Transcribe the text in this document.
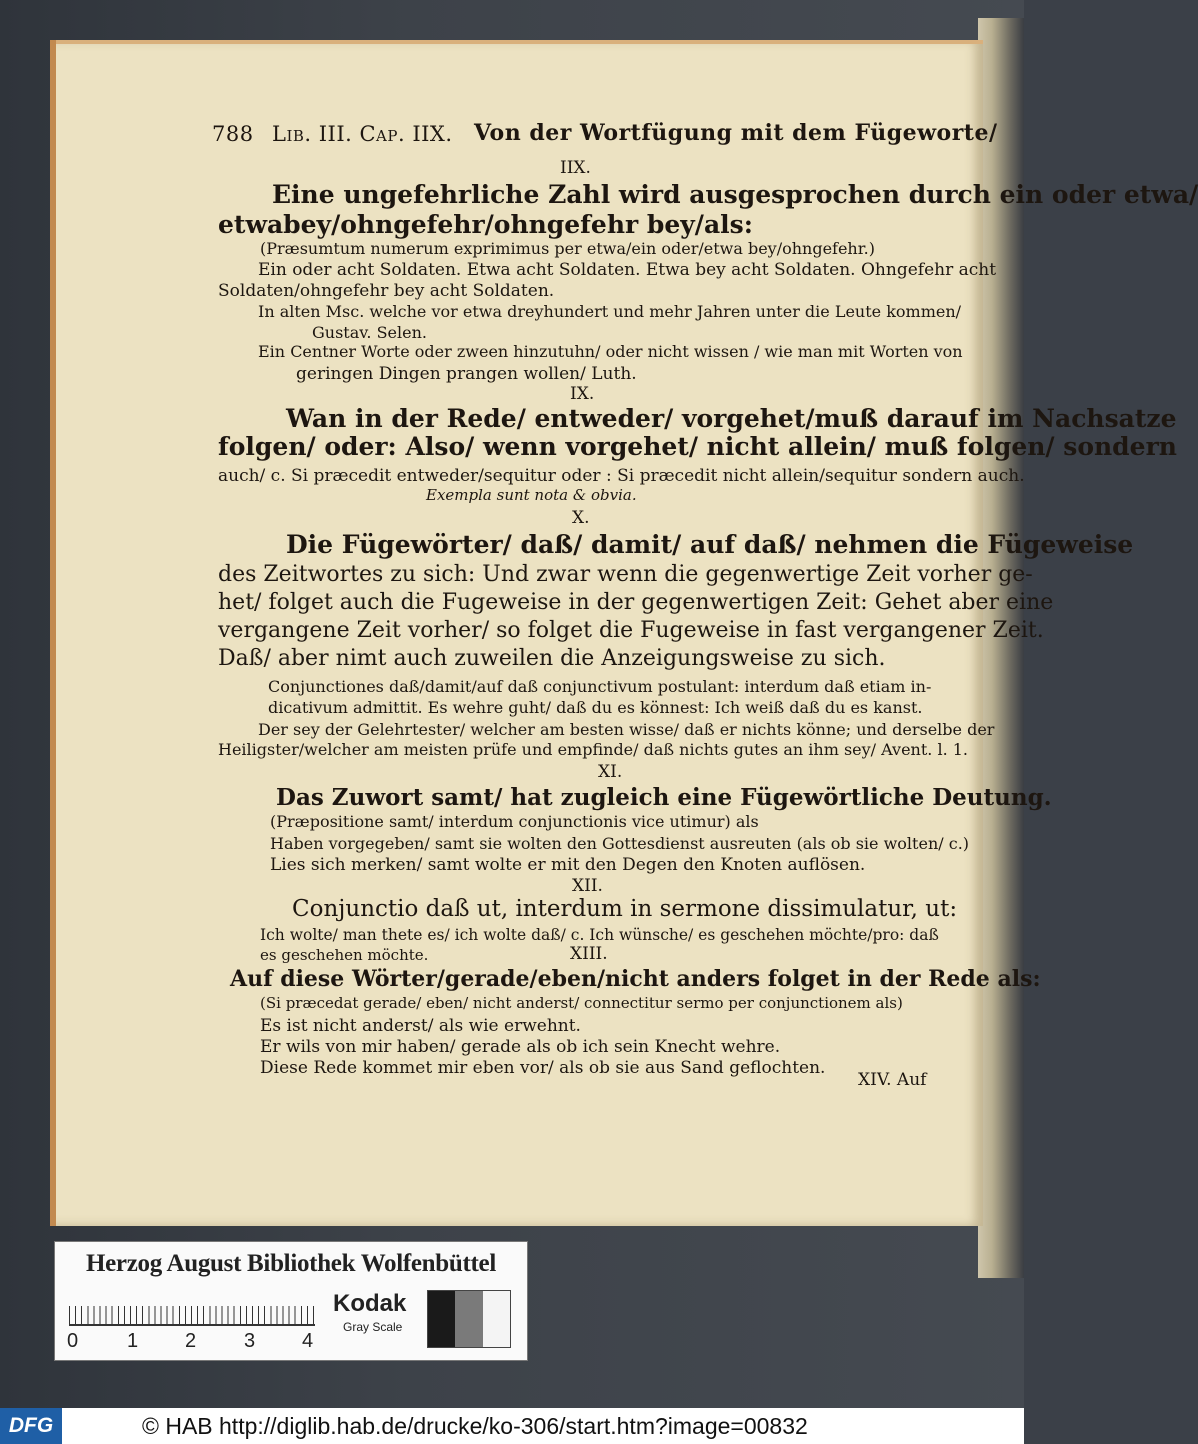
788 Lib. III. Cap. IIX. Von der Wortfügung mit dem Fügeworte/
IIX.
Eine ungefehrliche Zahl wird ausgesprochen durch ein oder etwa/
etwabey/ohngefehr/ohngefehr bey/als:
(Præsumtum numerum exprimimus per etwa/ein oder/etwa bey/ohngefehr.)
Ein oder acht Soldaten. Etwa acht Soldaten. Etwa bey acht Soldaten. Ohngefehr acht
Soldaten/ohngefehr bey acht Soldaten.
In alten Msc. welche vor etwa dreyhundert und mehr Jahren unter die Leute kommen/
Gustav. Selen.
Ein Centner Worte oder zween hinzutuhn/ oder nicht wissen / wie man mit Worten von
geringen Dingen prangen wollen/ Luth.
IX.
Wan in der Rede/ entweder/ vorgehet/muß darauf im Nachsatze
folgen/ oder: Also/ wenn vorgehet/ nicht allein/ muß folgen/ sondern
auch/ c. Si præcedit entweder/sequitur oder : Si præcedit nicht allein/sequitur sondern auch.
Exempla sunt nota & obvia.
X.
Die Fügewörter/ daß/ damit/ auf daß/ nehmen die Fügeweise
des Zeitwortes zu sich: Und zwar wenn die gegenwertige Zeit vorher ge-
het/ folget auch die Fugeweise in der gegenwertigen Zeit: Gehet aber eine
vergangene Zeit vorher/ so folget die Fugeweise in fast vergangener Zeit.
Daß/ aber nimt auch zuweilen die Anzeigungsweise zu sich.
Conjunctiones daß/damit/auf daß conjunctivum postulant: interdum daß etiam in-
dicativum admittit. Es wehre guht/ daß du es könnest: Ich weiß daß du es kanst.
Der sey der Gelehrtester/ welcher am besten wisse/ daß er nichts könne; und derselbe der
Heiligster/welcher am meisten prüfe und empfinde/ daß nichts gutes an ihm sey/ Avent. l. 1.
XI.
Das Zuwort samt/ hat zugleich eine Fügewörtliche Deutung.
(Præpositione samt/ interdum conjunctionis vice utimur) als
Haben vorgegeben/ samt sie wolten den Gottesdienst ausreuten (als ob sie wolten/ c.)
Lies sich merken/ samt wolte er mit den Degen den Knoten auflösen.
XII.
Conjunctio daß ut, interdum in sermone dissimulatur, ut:
Ich wolte/ man thete es/ ich wolte daß/ c. Ich wünsche/ es geschehen möchte/pro: daß
es geschehen möchte.	XIII.
Auf diese Wörter/gerade/eben/nicht anders folget in der Rede als:
(Si præcedat gerade/ eben/ nicht anderst/ connectitur sermo per conjunctionem als)
Es ist nicht anderst/ als wie erwehnt.
Er wils von mir haben/ gerade als ob ich sein Knecht wehre.
Diese Rede kommet mir eben vor/ als ob sie aus Sand geflochten.
XIV. Auf
Herzog August Bibliothek Wolfenbüttel
0 1 2 3 4
Kodak
Gray Scale
DFG	© HAB http://diglib.hab.de/drucke/ko-306/start.htm?image=00832
